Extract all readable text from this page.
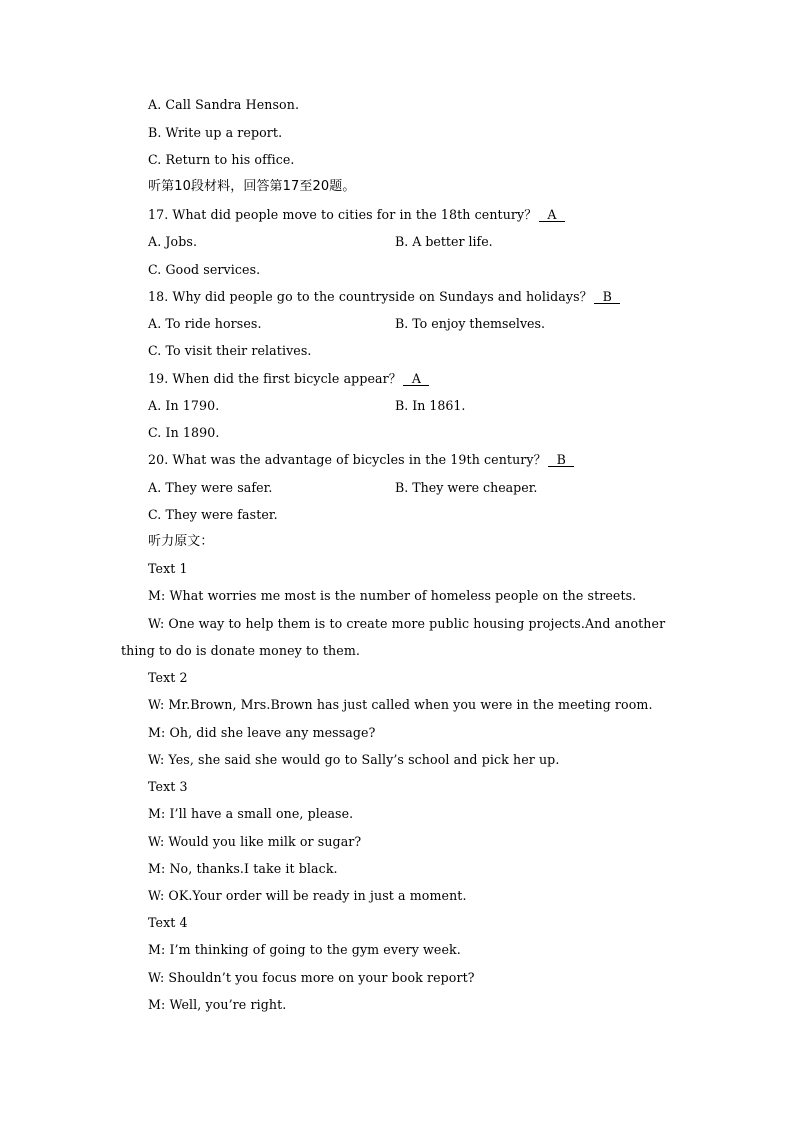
A. Call Sandra Henson.
B. Write up a report.
C. Return to his office.
听第10段材料，回答第17至20题。
17. What did people move to cities for in the 18th century？ A
A. Jobs.	B. A better life.
C. Good services.
18. Why did people go to the countryside on Sundays and holidays？ B
A. To ride horses.	B. To enjoy themselves.
C. To visit their relatives.
19. When did the first bicycle appear？ A
A. In 1790.	B. In 1861.
C. In 1890.
20. What was the advantage of bicycles in the 19th century？ B
A. They were safer.	B. They were cheaper.
C. They were faster.
听力原文：
Text 1
M: What worries me most is the number of homeless people on the streets.
W: One way to help them is to create more public housing projects.And another
thing to do is donate money to them.
Text 2
W: Mr.Brown, Mrs.Brown has just called when you were in the meeting room.
M: Oh, did she leave any message?
W: Yes, she said she would go to Sally’s school and pick her up.
Text 3
M: I’ll have a small one, please.
W: Would you like milk or sugar?
M: No, thanks.I take it black.
W: OK.Your order will be ready in just a moment.
Text 4
M: I’m thinking of going to the gym every week.
W: Shouldn’t you focus more on your book report?
M: Well, you’re right.
